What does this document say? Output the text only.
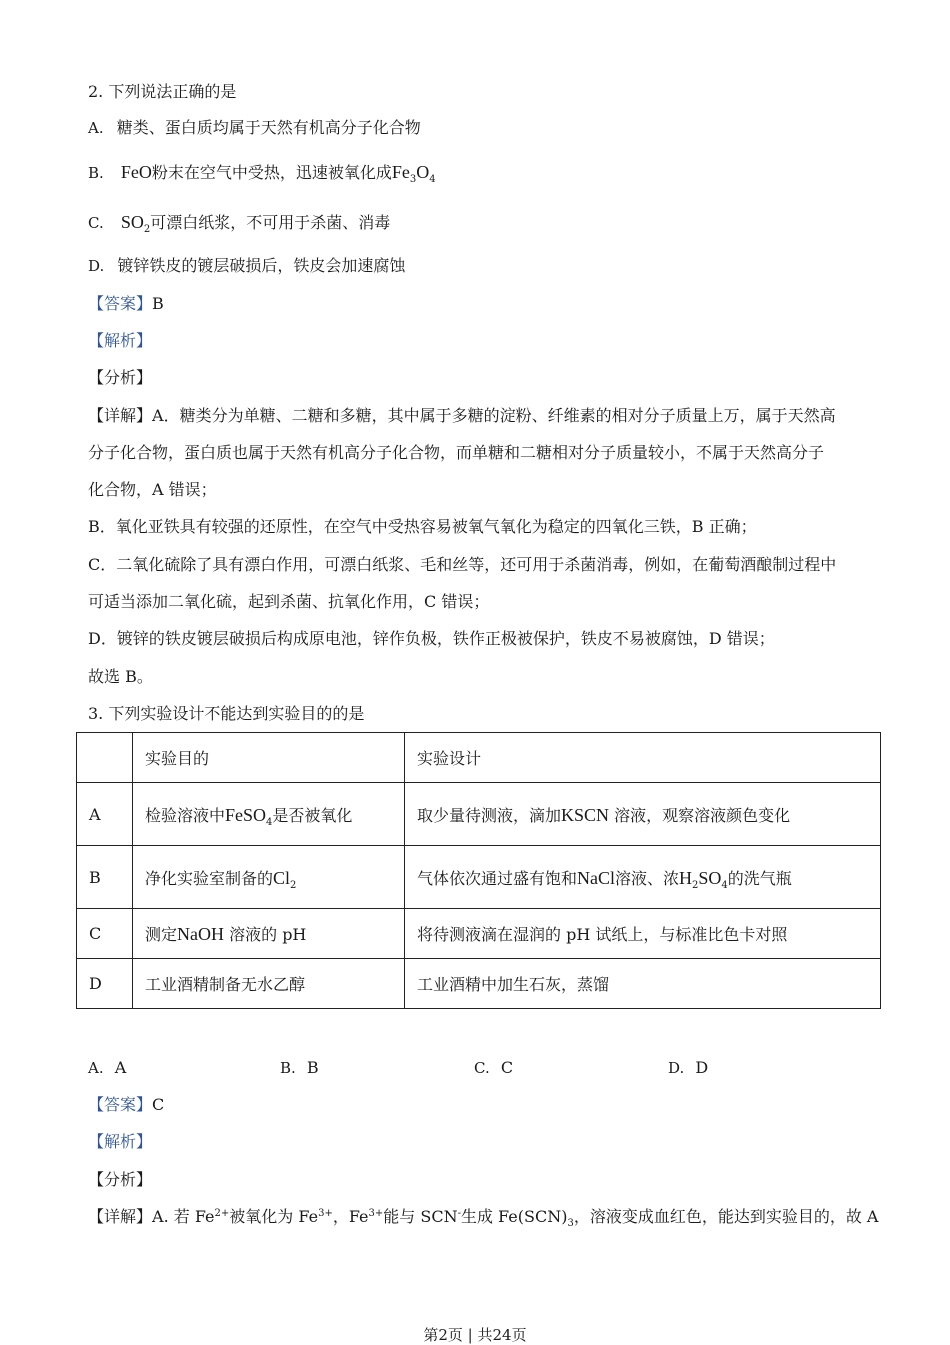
2. 下列说法正确的是
A. 糖类、蛋白质均属于天然有机高分子化合物
B. FeO粉末在空气中受热，迅速被氧化成$Fe_3O_4$
C. $SO_2$可漂白纸浆，不可用于杀菌、消毒
D. 镀锌铁皮的镀层破损后，铁皮会加速腐蚀
【答案】B
【解析】
【分析】
【详解】A．糖类分为单糖、二糖和多糖，其中属于多糖的淀粉、纤维素的相对分子质量上万，属于天然高
分子化合物，蛋白质也属于天然有机高分子化合物，而单糖和二糖相对分子质量较小，不属于天然高分子
化合物，A 错误；
B．氧化亚铁具有较强的还原性，在空气中受热容易被氧气氧化为稳定的四氧化三铁，B 正确；
C．二氧化硫除了具有漂白作用，可漂白纸浆、毛和丝等，还可用于杀菌消毒，例如，在葡萄酒酿制过程中
可适当添加二氧化硫，起到杀菌、抗氧化作用，C 错误；
D．镀锌的铁皮镀层破损后构成原电池，锌作负极，铁作正极被保护，铁皮不易被腐蚀，D 错误；
故选 B。
3. 下列实验设计不能达到实验目的的是
	实验目的	实验设计
A	检验溶液中FeSO$_4$是否被氧化	取少量待测液，滴加KSCN 溶液，观察溶液颜色变化
B	净化实验室制备的$Cl_2$	气体依次通过盛有饱和NaCl溶液、浓$H_2SO_4$的洗气瓶
C	测定NaOH 溶液的 pH	将待测液滴在湿润的 pH 试纸上，与标准比色卡对照
D	工业酒精制备无水乙醇	工业酒精中加生石灰，蒸馏
A. A	B. B	C. C	D. D
【答案】C
【解析】
【分析】
【详解】A. 若 $Fe^{2+}$被氧化为 $Fe^{3+}$，$Fe^{3+}$能与 SCN-生成 $Fe(SCN)_3$，溶液变成血红色，能达到实验目的，故 A
第2页 | 共24页
